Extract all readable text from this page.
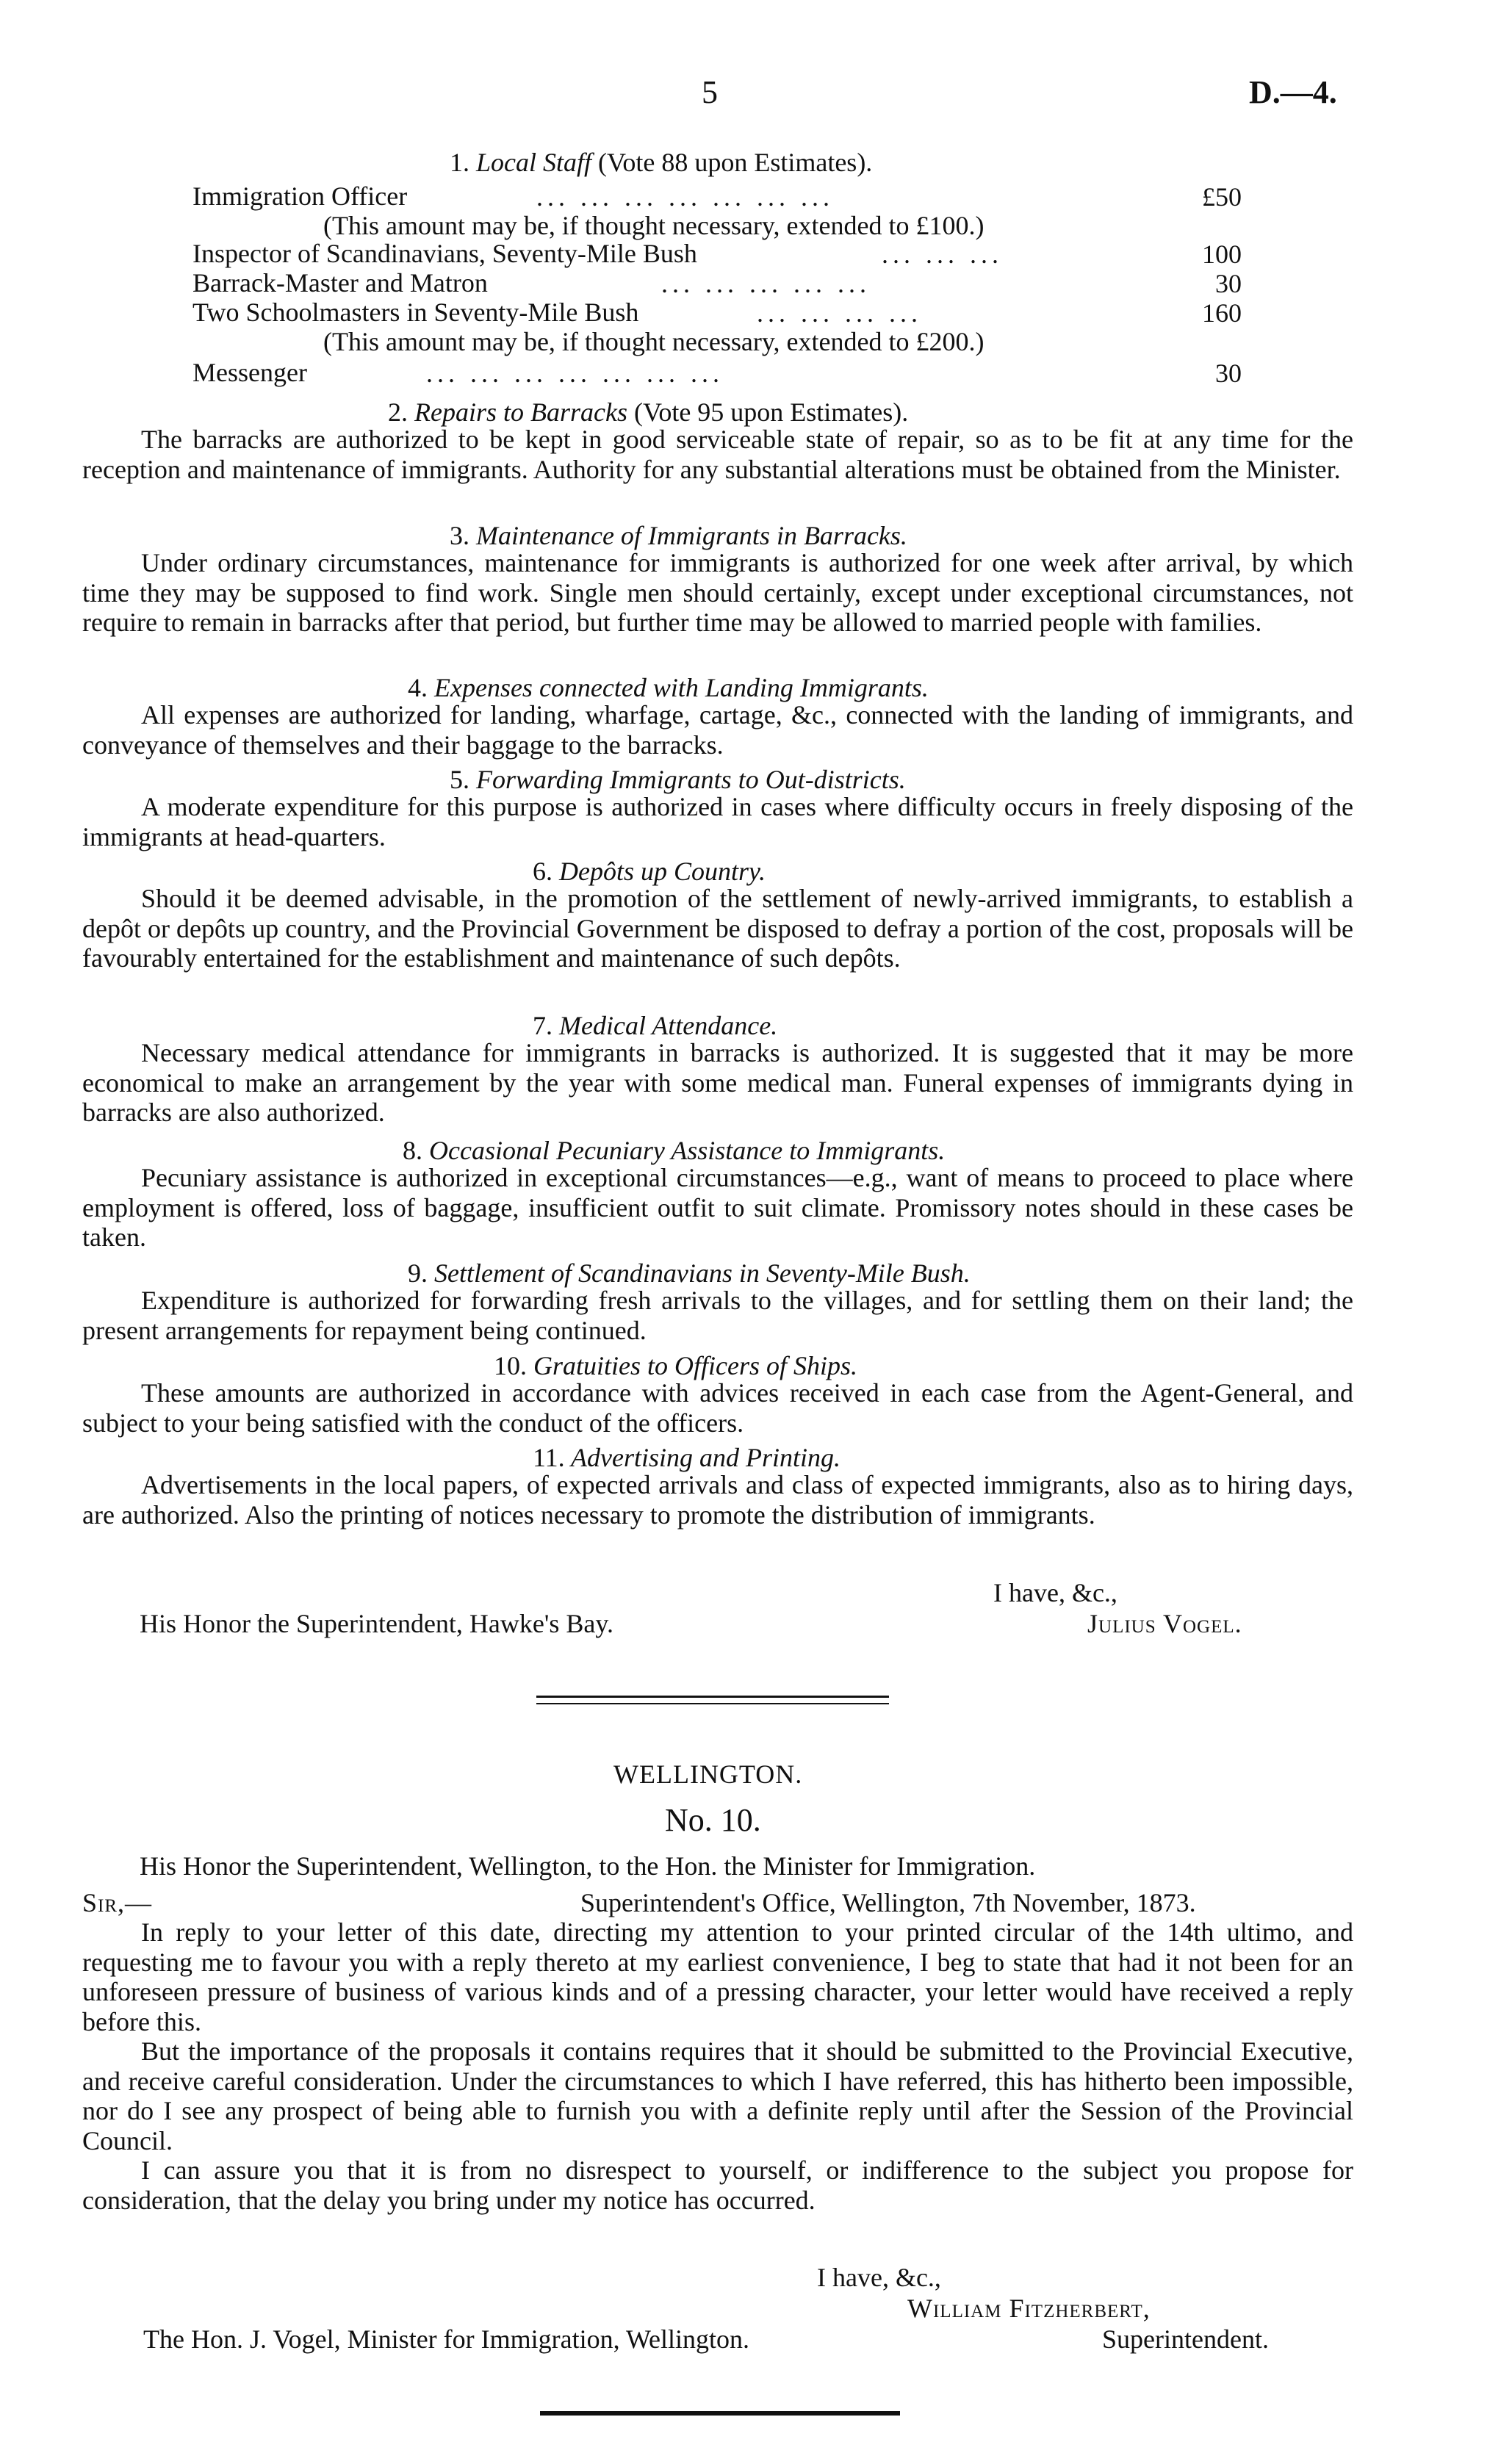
5	D.—4.
1. Local Staff (Vote 88 upon Estimates).
Immigration Officer	... ... ... ... ... ... ...	£50
(This amount may be, if thought necessary, extended to £100.)
Inspector of Scandinavians, Seventy-Mile Bush	... ... ...	100
Barrack-Master and Matron	... ... ... ... ...	30
Two Schoolmasters in Seventy-Mile Bush	... ... ... ...	160
(This amount may be, if thought necessary, extended to £200.)
Messenger	... ... ... ... ... ... ...	30
2. Repairs to Barracks (Vote 95 upon Estimates).

The barracks are authorized to be kept in good serviceable state of repair, so as to be fit at any time for the reception and maintenance of immigrants. Authority for any substantial alterations must be obtained from the Minister.

3. Maintenance of Immigrants in Barracks.

Under ordinary circumstances, maintenance for immigrants is authorized for one week after arrival, by which time they may be supposed to find work. Single men should certainly, except under exceptional circumstances, not require to remain in barracks after that period, but further time may be allowed to married people with families.

4. Expenses connected with Landing Immigrants.

All expenses are authorized for landing, wharfage, cartage, &c., connected with the landing of immigrants, and conveyance of themselves and their baggage to the barracks.

5. Forwarding Immigrants to Out-districts.

A moderate expenditure for this purpose is authorized in cases where difficulty occurs in freely disposing of the immigrants at head-quarters.

6. Depôts up Country.

Should it be deemed advisable, in the promotion of the settlement of newly-arrived immigrants, to establish a depôt or depôts up country, and the Provincial Government be disposed to defray a portion of the cost, proposals will be favourably entertained for the establishment and maintenance of such depôts.

7. Medical Attendance.

Necessary medical attendance for immigrants in barracks is authorized. It is suggested that it may be more economical to make an arrangement by the year with some medical man. Funeral expenses of immigrants dying in barracks are also authorized.

8. Occasional Pecuniary Assistance to Immigrants.

Pecuniary assistance is authorized in exceptional circumstances—e.g., want of means to proceed to place where employment is offered, loss of baggage, insufficient outfit to suit climate. Promissory notes should in these cases be taken.

9. Settlement of Scandinavians in Seventy-Mile Bush.

Expenditure is authorized for forwarding fresh arrivals to the villages, and for settling them on their land; the present arrangements for repayment being continued.

10. Gratuities to Officers of Ships.

These amounts are authorized in accordance with advices received in each case from the Agent-General, and subject to your being satisfied with the conduct of the officers.

11. Advertising and Printing.

Advertisements in the local papers, of expected arrivals and class of expected immigrants, also as to hiring days, are authorized. Also the printing of notices necessary to promote the distribution of immigrants.

I have, &c.,
His Honor the Superintendent, Hawke's Bay.	Julius Vogel.
WELLINGTON.
No. 10.
His Honor the Superintendent, Wellington, to the Hon. the Minister for Immigration.
Sir,—	Superintendent's Office, Wellington, 7th November, 1873.

In reply to your letter of this date, directing my attention to your printed circular of the 14th ultimo, and requesting me to favour you with a reply thereto at my earliest convenience, I beg to state that had it not been for an unforeseen pressure of business of various kinds and of a pressing character, your letter would have received a reply before this.

But the importance of the proposals it contains requires that it should be submitted to the Provincial Executive, and receive careful consideration. Under the circumstances to which I have referred, this has hitherto been impossible, nor do I see any prospect of being able to furnish you with a definite reply until after the Session of the Provincial Council.

I can assure you that it is from no disrespect to yourself, or indifference to the subject you propose for consideration, that the delay you bring under my notice has occurred.

I have, &c.,
William Fitzherbert,
The Hon. J. Vogel, Minister for Immigration, Wellington.	Superintendent.
